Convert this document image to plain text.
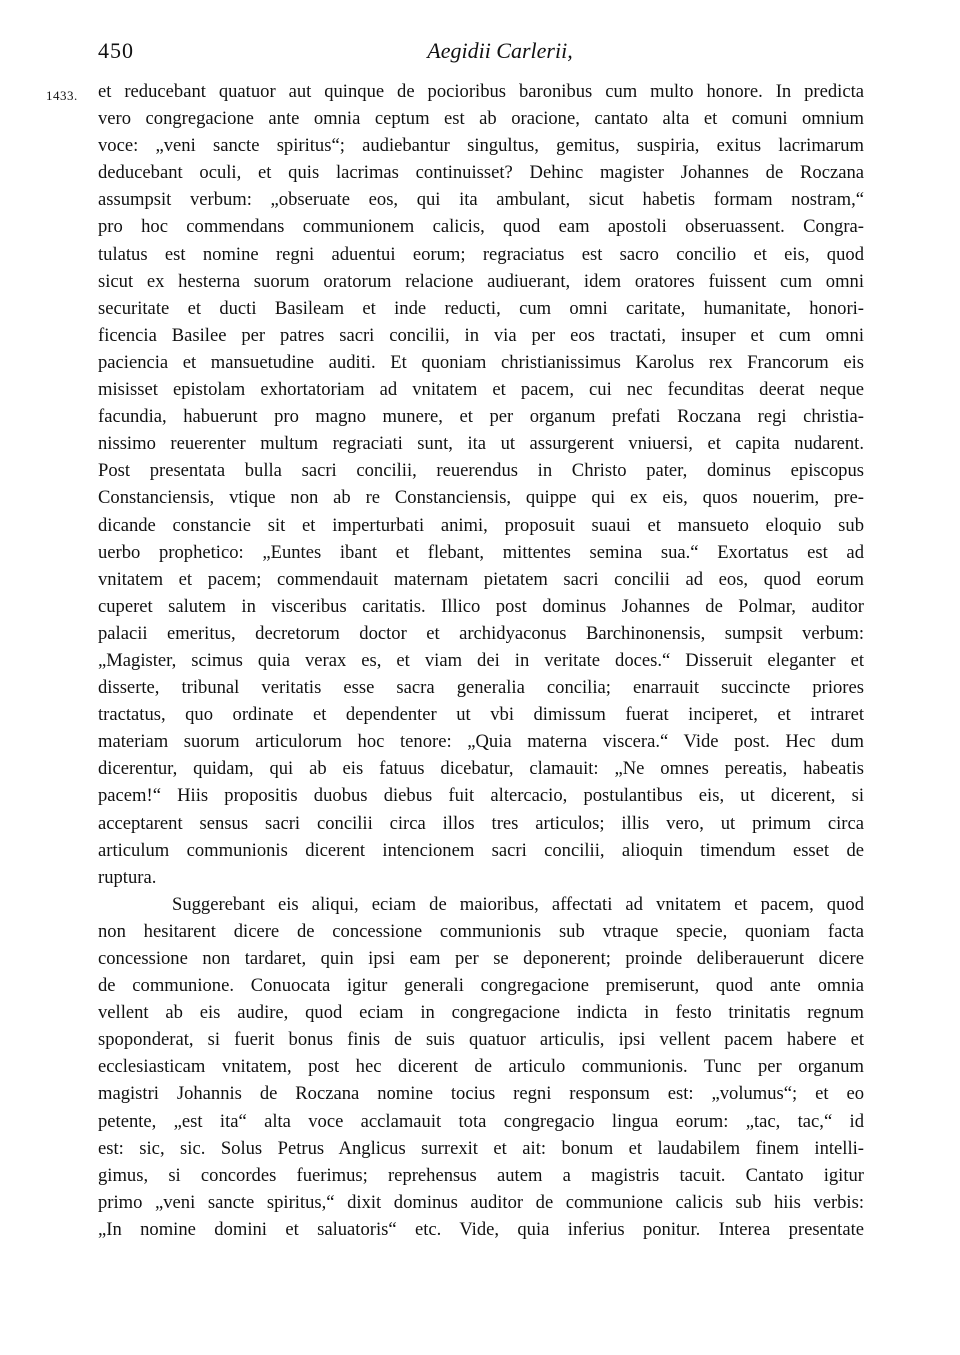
450	Aegidii Carlerii,
1433. et reducebant quatuor aut quinque de pocioribus baronibus cum multo honore. In predicta
vero congregacione ante omnia ceptum est ab oracione, cantato alta et comuni omnium
voce: „veni sancte spiritus“; audiebantur singultus, gemitus, suspiria, exitus lacrimarum
deducebant oculi, et quis lacrimas continuisset? Dehinc magister Johannes de Roczana
assumpsit verbum: „obseruate eos, qui ita ambulant, sicut habetis formam nostram,“
pro hoc commendans communionem calicis, quod eam apostoli obseruassent. Congra-
tulatus est nomine regni aduentui eorum; regraciatus est sacro concilio et eis, quod
sicut ex hesterna suorum oratorum relacione audiuerant, idem oratores fuissent cum omni
securitate et ducti Basileam et inde reducti, cum omni caritate, humanitate, honori-
ficencia Basilee per patres sacri concilii, in via per eos tractati, insuper et cum omni
paciencia et mansuetudine auditi. Et quoniam christianissimus Karolus rex Francorum eis
misisset epistolam exhortatoriam ad vnitatem et pacem, cui nec fecunditas deerat neque
facundia, habuerunt pro magno munere, et per organum prefati Roczana regi christia-
nissimo reuerenter multum regraciati sunt, ita ut assurgerent vniuersi, et capita nudarent.
Post presentata bulla sacri concilii, reuerendus in Christo pater, dominus episcopus
Constanciensis, vtique non ab re Constanciensis, quippe qui ex eis, quos nouerim, pre-
dicande constancie sit et imperturbati animi, proposuit suaui et mansueto eloquio sub
uerbo prophetico: „Euntes ibant et flebant, mittentes semina sua.“ Exortatus est ad
vnitatem et pacem; commendauit maternam pietatem sacri concilii ad eos, quod eorum
cuperet salutem in visceribus caritatis. Illico post dominus Johannes de Polmar, auditor
palacii emeritus, decretorum doctor et archidyaconus Barchinonensis, sumpsit verbum:
„Magister, scimus quia verax es, et viam dei in veritate doces.“ Disseruit eleganter et
disserte, tribunal veritatis esse sacra generalia concilia; enarrauit succincte priores
tractatus, quo ordinate et dependenter ut vbi dimissum fuerat inciperet, et intraret
materiam suorum articulorum hoc tenore: „Quia materna viscera.“ Vide post. Hec dum
dicerentur, quidam, qui ab eis fatuus dicebatur, clamauit: „Ne omnes pereatis, habeatis
pacem!“ Hiis propositis duobus diebus fuit altercacio, postulantibus eis, ut dicerent, si
acceptarent sensus sacri concilii circa illos tres articulos; illis vero, ut primum circa
articulum communionis dicerent intencionem sacri concilii, alioquin timendum esset de
ruptura.
Suggerebant eis aliqui, eciam de maioribus, affectati ad vnitatem et pacem, quod
non hesitarent dicere de concessione communionis sub vtraque specie, quoniam facta
concessione non tardaret, quin ipsi eam per se deponerent; proinde deliberauerunt dicere
de communione. Conuocata igitur generali congregacione premiserunt, quod ante omnia
vellent ab eis audire, quod eciam in congregacione indicta in festo trinitatis regnum
spoponderat, si fuerit bonus finis de suis quatuor articulis, ipsi vellent pacem habere et
ecclesiasticam vnitatem, post hec dicerent de articulo communionis. Tunc per organum
magistri Johannis de Roczana nomine tocius regni responsum est: „volumus“; et eo
petente, „est ita“ alta voce acclamauit tota congregacio lingua eorum: „tac, tac,“ id
est: sic, sic. Solus Petrus Anglicus surrexit et ait: bonum et laudabilem finem intelli-
gimus, si concordes fuerimus; reprehensus autem a magistris tacuit. Cantato igitur
primo „veni sancte spiritus,“ dixit dominus auditor de communione calicis sub hiis verbis:
„In nomine domini et saluatoris“ etc. Vide, quia inferius ponitur. Interea presentate
